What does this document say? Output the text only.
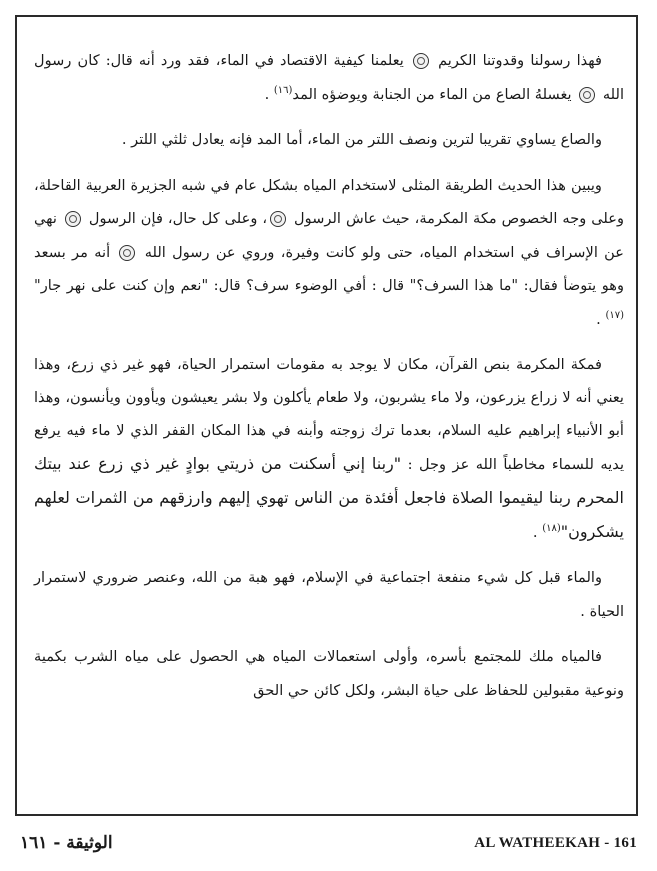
فهذا رسولنا وقدوتنا الكريم  يعلمنا كيفية الاقتصاد في الماء، فقد ورد أنه قال: كان رسول الله  يغسلهُ الصاع من الماء من الجنابة ويوضؤه المد$^{(١٦)}$ .

والصاع يساوي تقريبا لترين ونصف اللتر من الماء، أما المد فإنه يعادل ثلثي اللتر .

ويبين هذا الحديث الطريقة المثلى لاستخدام المياه بشكل عام في شبه الجزيرة العربية القاحلة، وعلى وجه الخصوص مكة المكرمة، حيث عاش الرسول ، وعلى كل حال، فإن الرسول  نهي عن الإسراف في استخدام المياه، حتى ولو كانت وفيرة، وروي عن رسول الله  أنه مر بسعد وهو يتوضأ فقال: "ما هذا السرف؟" قال : أفي الوضوء سرف؟ قال: "نعم وإن كنت على نهر جار"$^{(١٧)}$ .

فمكة المكرمة بنص القرآن، مكان لا يوجد به مقومات استمرار الحياة، فهو غير ذي زرع، وهذا يعني أنه لا زراع يزرعون، ولا ماء يشربون، ولا طعام يأكلون ولا بشر يعيشون ويأوون ويأنسون، وهذا أبو الأنبياء إبراهيم عليه السلام، بعدما ترك زوجته وأبنه في هذا المكان القفر الذي لا ماء فيه يرفع يديه للسماء مخاطباً الله عز وجل : "ربنا إني أسكنت من ذريتي بوادٍ غير ذي زرع عند بيتك المحرم ربنا ليقيموا الصلاة فاجعل أفئدة من الناس تهوي إليهم وارزقهم من الثمرات لعلهم يشكرون"$^{(١٨)}$ .

والماء قبل كل شيء منفعة اجتماعية في الإسلام، فهو هبة من الله، وعنصر ضروري لاستمرار الحياة .

فالمياه ملك للمجتمع بأسره، وأولى استعمالات المياه هي الحصول على مياه الشرب بكمية ونوعية مقبولين للحفاظ على حياة البشر، ولكل كائن حي الحق

الوثيقة - ١٦١	AL WATHEEKAH - 161
